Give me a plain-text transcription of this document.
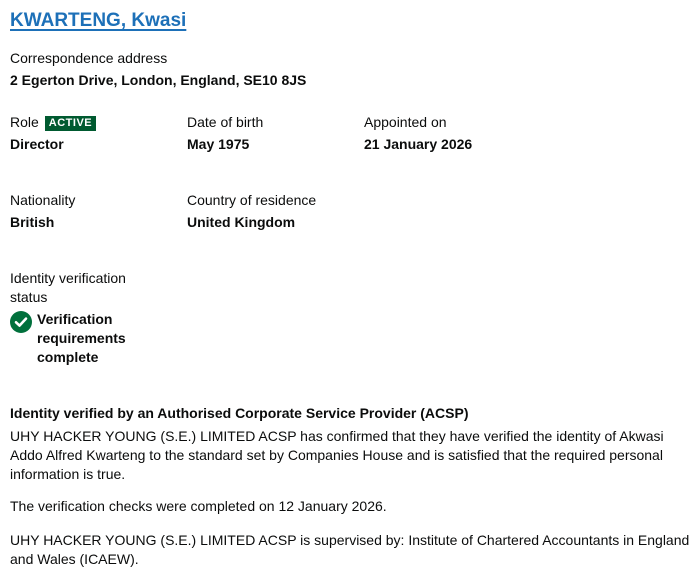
KWARTENG, Kwasi
Correspondence address
2 Egerton Drive, London, England, SE10 8JS
Role ACTIVE
Director
Date of birth
May 1975
Appointed on
21 January 2026
Nationality
British
Country of residence
United Kingdom
Identity verification status
Verification requirements complete
Identity verified by an Authorised Corporate Service Provider (ACSP)
UHY HACKER YOUNG (S.E.) LIMITED ACSP has confirmed that they have verified the identity of Akwasi Addo Alfred Kwarteng to the standard set by Companies House and is satisfied that the required personal information is true.
The verification checks were completed on 12 January 2026.
UHY HACKER YOUNG (S.E.) LIMITED ACSP is supervised by: Institute of Chartered Accountants in England and Wales (ICAEW).
